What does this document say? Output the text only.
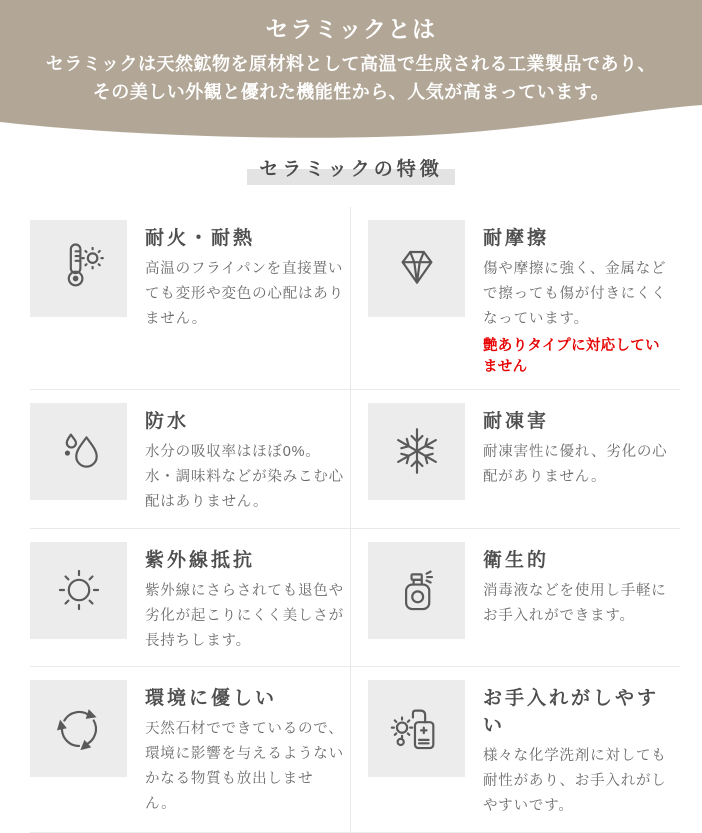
セラミックとは

セラミックは天然鉱物を原材料として高温で生成される工業製品であり、
その美しい外観と優れた機能性から、人気が高まっています。

セラミックの特徴
耐火・耐熱

高温のフライパンを直接置いても変形や変色の心配はありません。

耐摩擦

傷や摩擦に強く、金属などで擦っても傷が付きにくくなっています。

艶ありタイプに対応していません

防水

水分の吸収率はほぼ0%。水・調味料などが染みこむ心配はありません。

耐凍害

耐凍害性に優れ、劣化の心配がありません。

紫外線抵抗

紫外線にさらされても退色や劣化が起こりにくく美しさが長持ちします。

衛生的

消毒液などを使用し手軽にお手入れができます。

環境に優しい

天然石材でできているので、環境に影響を与えるようないかなる物質も放出しません。

お手入れがしやすい

様々な化学洗剤に対しても耐性があり、お手入れがしやすいです。
